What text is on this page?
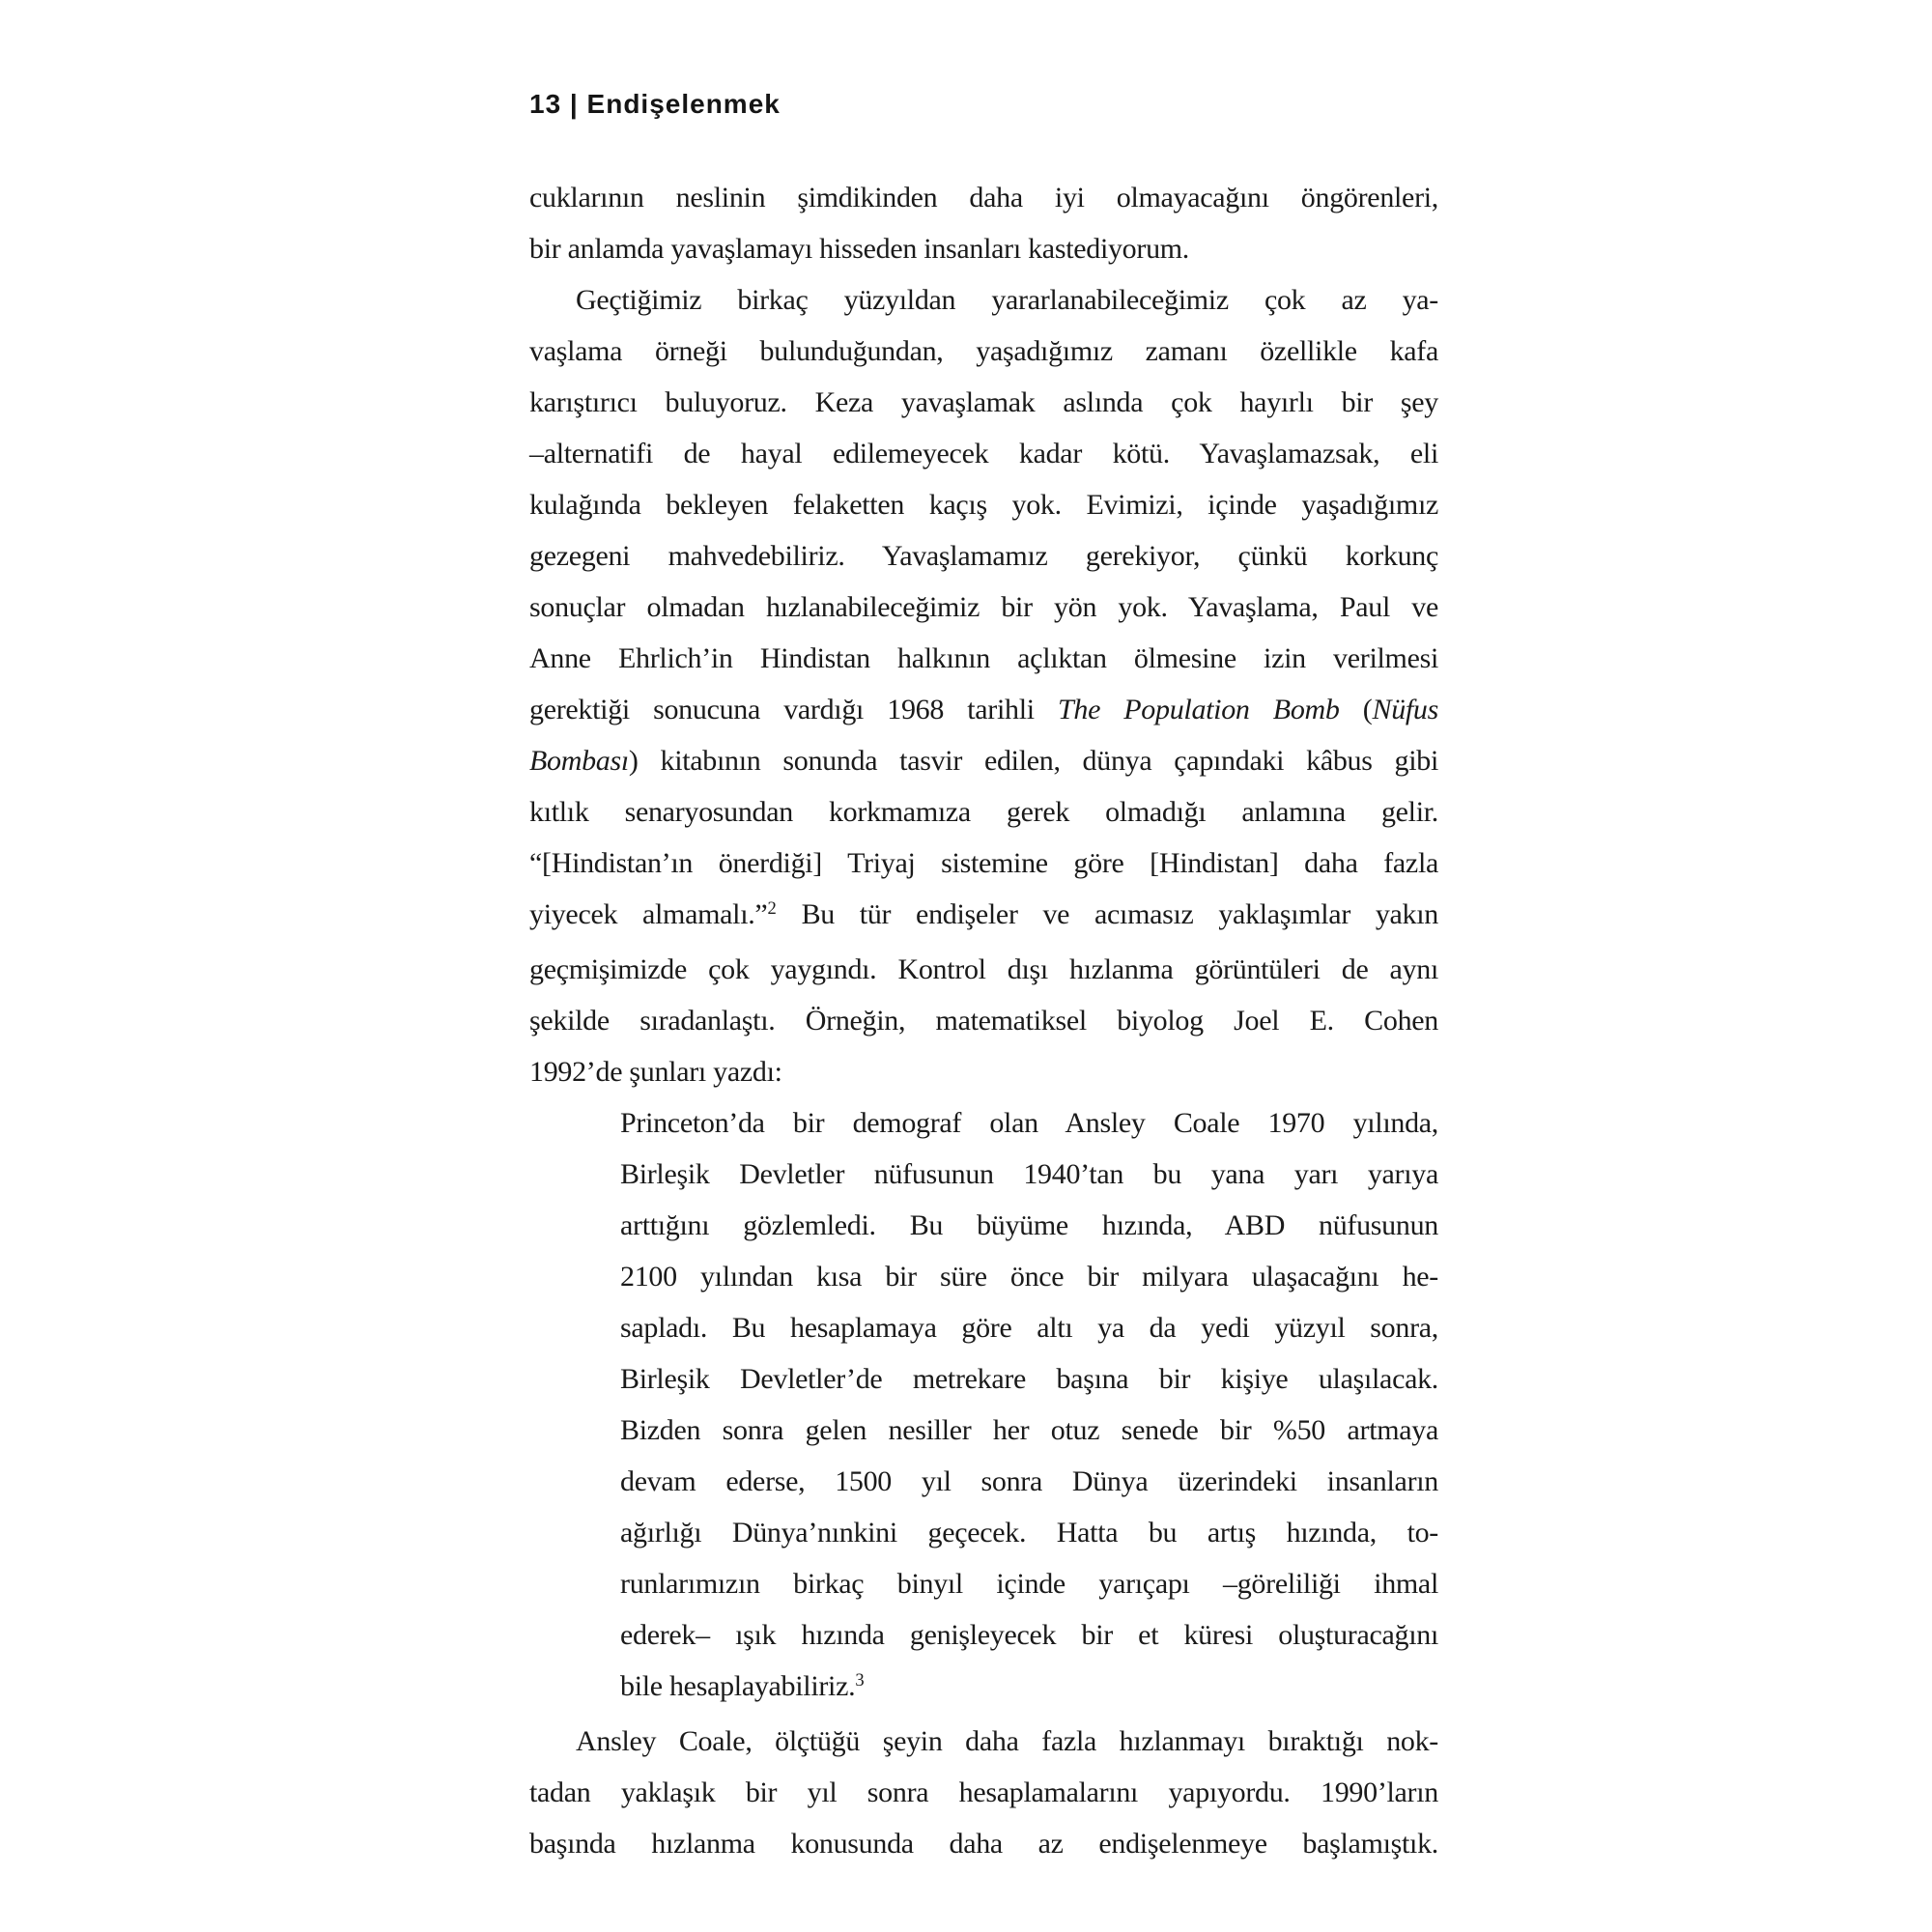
13 | Endişelenmek
cuklarının neslinin şimdikinden daha iyi olmayacağını öngörenleri,
bir anlamda yavaşlamayı hisseden insanları kastediyorum.
Geçtiğimiz birkaç yüzyıldan yararlanabileceğimiz çok az ya-
vaşlama örneği bulunduğundan, yaşadığımız zamanı özellikle kafa
karıştırıcı buluyoruz. Keza yavaşlamak aslında çok hayırlı bir şey
–alternatifi de hayal edilemeyecek kadar kötü. Yavaşlamazsak, eli
kulağında bekleyen felaketten kaçış yok. Evimizi, içinde yaşadığımız
gezegeni mahvedebiliriz. Yavaşlamamız gerekiyor, çünkü korkunç
sonuçlar olmadan hızlanabileceğimiz bir yön yok. Yavaşlama, Paul ve
Anne Ehrlich’in Hindistan halkının açlıktan ölmesine izin verilmesi
gerektiği sonucuna vardığı 1968 tarihli The Population Bomb (Nüfus
Bombası) kitabının sonunda tasvir edilen, dünya çapındaki kâbus gibi
kıtlık senaryosundan korkmamıza gerek olmadığı anlamına gelir.
“[Hindistan’ın önerdiği] Triyaj sistemine göre [Hindistan] daha fazla
yiyecek almamalı.”$^2$ Bu tür endişeler ve acımasız yaklaşımlar yakın
geçmişimizde çok yaygındı. Kontrol dışı hızlanma görüntüleri de aynı
şekilde sıradanlaştı. Örneğin, matematiksel biyolog Joel E. Cohen
1992’de şunları yazdı:
Princeton’da bir demograf olan Ansley Coale 1970 yılında,
Birleşik Devletler nüfusunun 1940’tan bu yana yarı yarıya
arttığını gözlemledi. Bu büyüme hızında, ABD nüfusunun
2100 yılından kısa bir süre önce bir milyara ulaşacağını he-
sapladı. Bu hesaplamaya göre altı ya da yedi yüzyıl sonra,
Birleşik Devletler’de metrekare başına bir kişiye ulaşılacak.
Bizden sonra gelen nesiller her otuz senede bir %50 artmaya
devam ederse, 1500 yıl sonra Dünya üzerindeki insanların
ağırlığı Dünya’nınkini geçecek. Hatta bu artış hızında, to-
runlarımızın birkaç binyıl içinde yarıçapı –göreliliği ihmal
ederek– ışık hızında genişleyecek bir et küresi oluşturacağını
bile hesaplayabiliriz.$^3$
Ansley Coale, ölçtüğü şeyin daha fazla hızlanmayı bıraktığı nok-
tadan yaklaşık bir yıl sonra hesaplamalarını yapıyordu. 1990’ların
başında hızlanma konusunda daha az endişelenmeye başlamıştık.
